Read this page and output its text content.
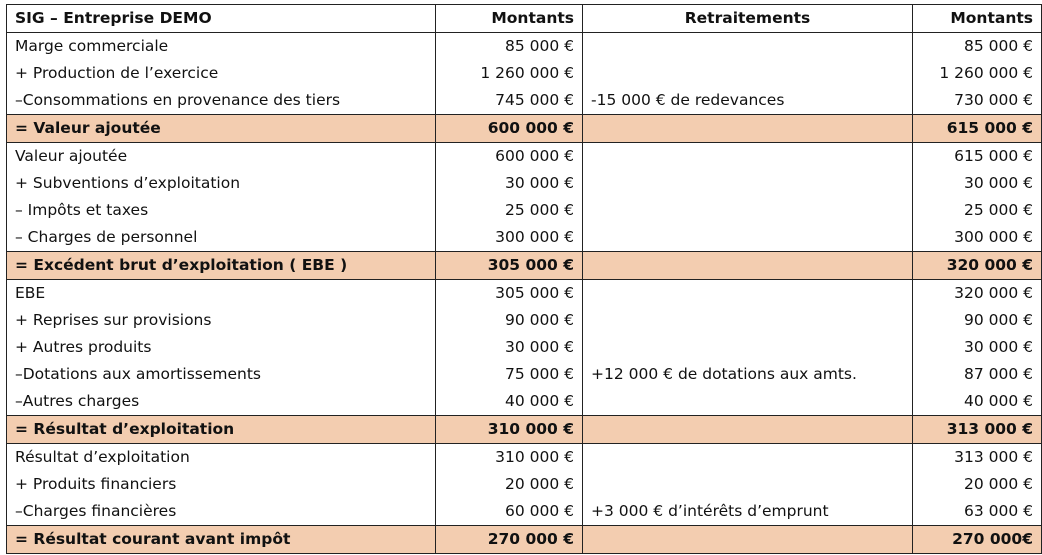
SIG – Entreprise DEMO	Montants	Retraitements	Montants
Marge commerciale	85 000 €		85 000 €
+ Production de l’exercice	1 260 000 €		1 260 000 €
–Consommations en provenance des tiers	745 000 €	-15 000 € de redevances	730 000 €
= Valeur ajoutée	600 000 €		615 000 €
Valeur ajoutée	600 000 €		615 000 €
+ Subventions d’exploitation	30 000 €		30 000 €
– Impôts et taxes	25 000 €		25 000 €
– Charges de personnel	300 000 €		300 000 €
= Excédent brut d’exploitation ( EBE )	305 000 €		320 000 €
EBE	305 000 €		320 000 €
+ Reprises sur provisions	90 000 €		90 000 €
+ Autres produits	30 000 €		30 000 €
–Dotations aux amortissements	75 000 €	+12 000 € de dotations aux amts.	87 000 €
–Autres charges	40 000 €		40 000 €
= Résultat d’exploitation	310 000 €		313 000 €
Résultat d’exploitation	310 000 €		313 000 €
+ Produits financiers	20 000 €		20 000 €
–Charges financières	60 000 €	+3 000 € d’intérêts d’emprunt	63 000 €
= Résultat courant avant impôt	270 000 €		270 000€
